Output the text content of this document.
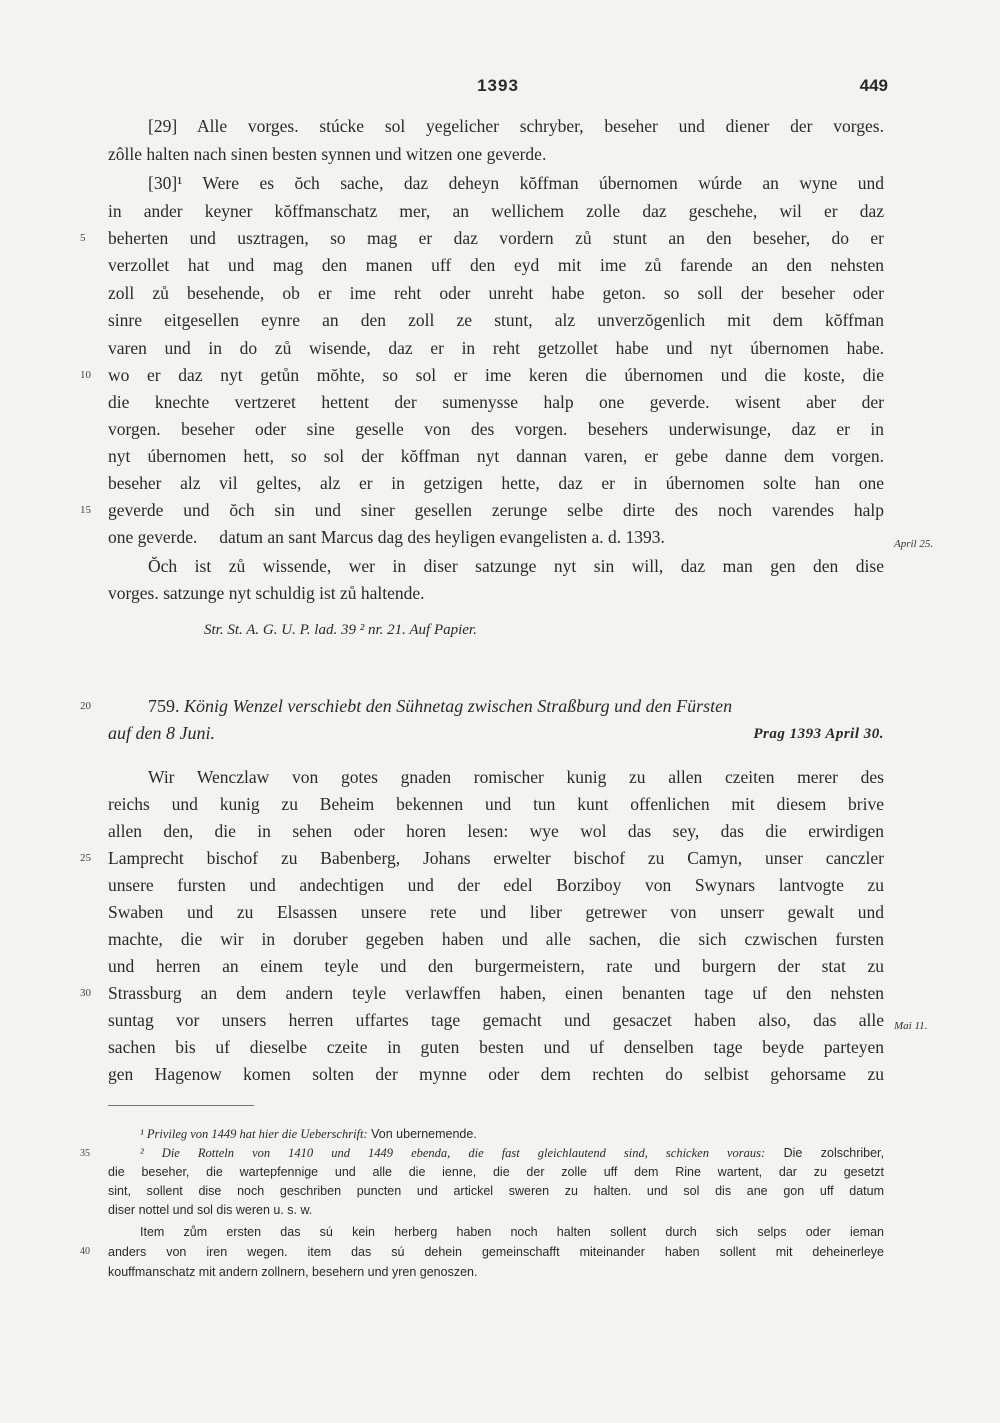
1393	449
[29] Alle vorges. stúcke sol yegelicher schryber, beseher und diener der vorges.
zôlle halten nach sinen besten synnen und witzen one geverde.
[30]¹ Were es ŏch sache, daz deheyn kŏffman úbernomen wúrde an wyne und
in ander keyner kŏffmanschatz mer, an wellichem zolle daz geschehe, wil er daz
beherten und usztragen, so mag er daz vordern zů stunt an den beseher, do er
verzollet hat und mag den manen uff den eyd mit ime zů farende an den nehsten
zoll zů besehende, ob er ime reht oder unreht habe geton. so soll der beseher oder
sinre eitgesellen eynre an den zoll ze stunt, alz unverzŏgenlich mit dem kŏffman
varen und in do zů wisende, daz er in reht getzollet habe und nyt úbernomen habe.
wo er daz nyt getůn mŏhte, so sol er ime keren die úbernomen und die koste, die
die knechte vertzeret hettent der sumenysse halp one geverde. wisent aber der
vorgen. beseher oder sine geselle von des vorgen. besehers underwisunge, daz er in
nyt úbernomen hett, so sol der kŏffman nyt dannan varen, er gebe danne dem vorgen.
beseher alz vil geltes, alz er in getzigen hette, daz er in úbernomen solte han one
geverde und ŏch sin und siner gesellen zerunge selbe dirte des noch varendes halp
one geverde.     datum an sant Marcus dag des heyligen evangelisten a. d. 1393.
Ŏch ist zů wissende, wer in diser satzunge nyt sin will, daz man gen den dise
vorges. satzunge nyt schuldig ist zů haltende.
April 25.
Str. St. A. G. U. P. lad. 39 ² nr. 21. Auf Papier.
759. König Wenzel verschiebt den Sühnetag zwischen Straßburg und den Fürsten
auf den 8 Juni.	Prag 1393 April 30.
Wir Wenczlaw von gotes gnaden romischer kunig zu allen czeiten merer des
reichs und kunig zu Beheim bekennen und tun kunt offenlichen mit diesem brive
allen den, die in sehen oder horen lesen: wye wol das sey, das die erwirdigen
Lamprecht bischof zu Babenberg, Johans erwelter bischof zu Camyn, unser canczler
unsere fursten und andechtigen und der edel Borziboy von Swynars lantvogte zu
Swaben und zu Elsassen unsere rete und liber getrewer von unserr gewalt und
machte, die wir in doruber gegeben haben und alle sachen, die sich czwischen fursten
und herren an einem teyle und den burgermeistern, rate und burgern der stat zu
Strassburg an dem andern teyle verlawffen haben, einen benanten tage uf den nehsten
suntag vor unsers herren uffartes tage gemacht und gesaczet haben also, das alle
sachen bis uf dieselbe czeite in guten besten und uf denselben tage beyde parteyen
gen Hagenow komen solten der mynne oder dem rechten do selbist gehorsame zu
Mai 11.
5
10
15
20
25
30
35
40
¹ Privileg von 1449 hat hier die Ueberschrift: Von ubernemende.
² Die Rotteln von 1410 und 1449 ebenda, die fast gleichlautend sind, schicken voraus: Die zolschriber,
die beseher, die wartepfennige und alle die ienne, die der zolle uff dem Rine wartent, dar zu gesetzt
sint, sollent dise noch geschriben puncten und artickel sweren zu halten. und sol dis ane gon uff datum
diser nottel und sol dis weren u. s. w.
Item zům ersten das sú kein herberg haben noch halten sollent durch sich selps oder ieman
anders von iren wegen. item das sú dehein gemeinschafft miteinander haben sollent mit deheinerleye
kouffmanschatz mit andern zollnern, besehern und yren genoszen.
